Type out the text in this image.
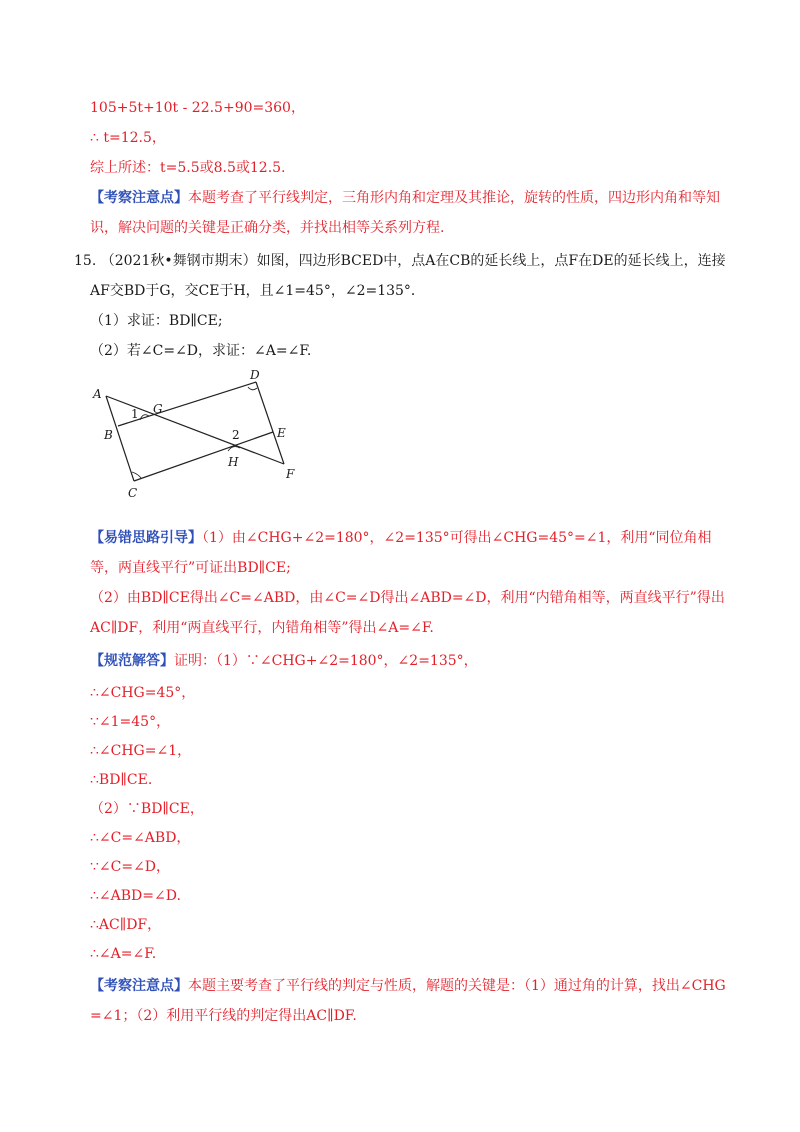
105+5t+10t - 22.5+90=360，
∴ t=12.5，
综上所述：t=5.5或8.5或12.5.
【考察注意点】本题考查了平行线判定，三角形内角和定理及其推论，旋转的性质，四边形内角和等知
识，解决问题的关键是正确分类，并找出相等关系列方程.
15. （2021秋•舞钢市期末）如图，四边形BCED中，点A在CB的延长线上，点F在DE的延长线上，连接
AF交BD于G，交CE于H，且∠1=45°，∠2=135°．
（1）求证：BD∥CE;
（2）若∠C=∠D，求证：∠A=∠F.
A
B
C
D
E
F
G
H
1
2
【易错思路引导】（1）由∠CHG+∠2=180°，∠2=135°可得出∠CHG=45°=∠1，利用“同位角相
等，两直线平行”可证出BD∥CE;
（2）由BD∥CE得出∠C=∠ABD，由∠C=∠D得出∠ABD=∠D，利用“内错角相等，两直线平行”得出
AC∥DF，利用“两直线平行，内错角相等”得出∠A=∠F.
【规范解答】证明：（1）∵∠CHG+∠2=180°，∠2=135°，
∴∠CHG=45°，
∵∠1=45°，
∴∠CHG=∠1，
∴BD∥CE.
（2）∵BD∥CE，
∴∠C=∠ABD，
∵∠C=∠D，
∴∠ABD=∠D.
∴AC∥DF，
∴∠A=∠F.
【考察注意点】本题主要考查了平行线的判定与性质，解题的关键是：（1）通过角的计算，找出∠CHG
=∠1；（2）利用平行线的判定得出AC∥DF.
